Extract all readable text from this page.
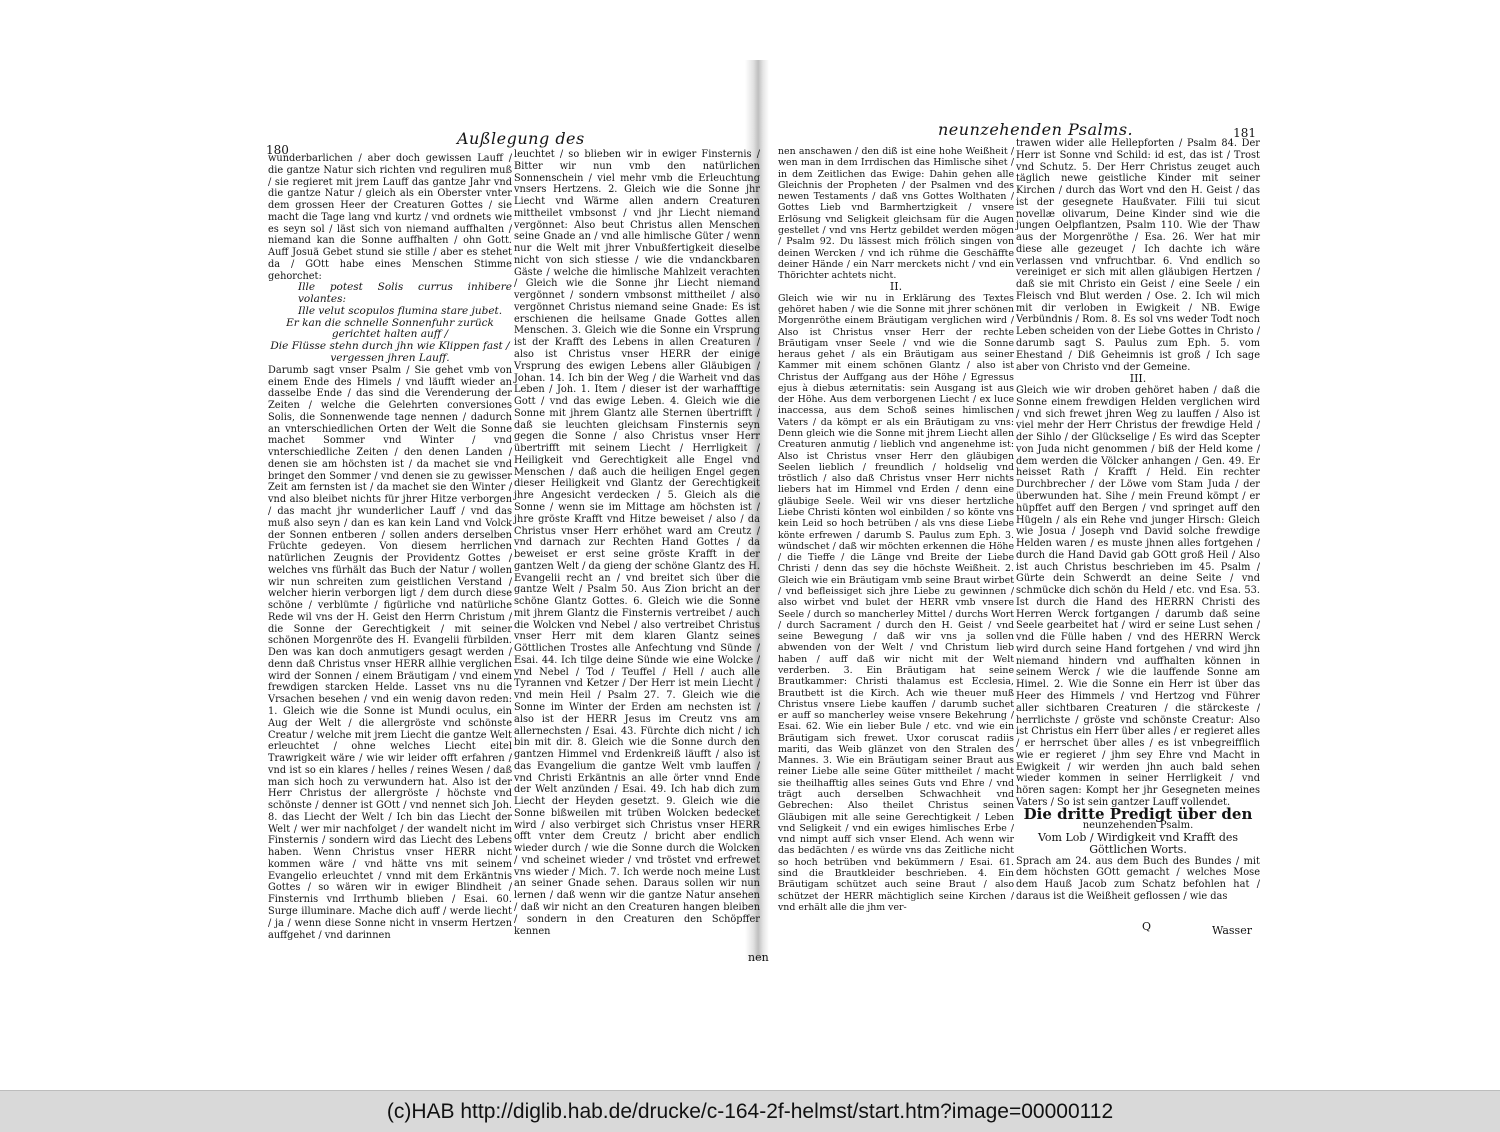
180
Außlegung des

wunderbarlichen / aber doch gewissen Lauff / die gantze Natur sich richten vnd reguliren muß / sie regieret mit jrem Lauff das gantze Jahr vnd die gantze Natur / gleich als ein Oberster vnter dem grossen Heer der Creaturen Gottes / sie macht die Tage lang vnd kurtz / vnd ordnets wie es seyn sol / läst sich von niemand auffhalten / niemand kan die Sonne auffhalten / ohn Gott. Auff Josuä Gebet stund sie stille / aber es stehet da / GOtt habe eines Menschen Stimme gehorchet:

Ille potest Solis currus inhibere volantes:

Ille velut scopulos flumina stare jubet.

Er kan die schnelle Sonnenfuhr zurück gerichtet halten auff /

Die Flüsse stehn durch jhn wie Klippen fast / vergessen jhren Lauff.

Darumb sagt vnser Psalm / Sie gehet vmb von einem Ende des Himels / vnd läufft wieder an dasselbe Ende / das sind die Verenderung der Zeiten / welche die Gelehrten conversiones Solis, die Sonnenwende tage nennen / dadurch an vnterschiedlichen Orten der Welt die Sonne machet Sommer vnd Winter / vnd vnterschiedliche Zeiten / den denen Landen / denen sie am höchsten ist / da machet sie vnd bringet den Sommer / vnd denen sie zu gewisser Zeit am fernsten ist / da machet sie den Winter / vnd also bleibet nichts für jhrer Hitze verborgen / das macht jhr wunderlicher Lauff / vnd das muß also seyn / dan es kan kein Land vnd Volck der Sonnen entberen / sollen anders derselben Früchte gedeyen. Von diesem herrlichen natürlichen Zeugnis der Providentz Gottes / welches vns fürhält das Buch der Natur / wollen wir nun schreiten zum geistlichen Verstand / welcher hierin verborgen ligt / dem durch diese schöne / verblümte / figürliche vnd natürliche Rede wil vns der H. Geist den Herrn Christum / die Sonne der Gerechtigkeit / mit seiner schönen Morgenröte des H. Evangelii fürbilden. Den was kan doch anmutigers gesagt werden / denn daß Christus vnser HERR allhie verglichen wird der Sonnen / einem Bräutigam / vnd einem frewdigen starcken Helde. Lasset vns nu die Vrsachen besehen / vnd ein wenig davon reden: 1. Gleich wie die Sonne ist Mundi oculus, ein Aug der Welt / die allergröste vnd schönste Creatur / welche mit jrem Liecht die gantze Welt erleuchtet / ohne welches Liecht eitel Trawrigkeit wäre / wie wir leider offt erfahren / vnd ist so ein klares / helles / reines Wesen / daß man sich hoch zu verwundern hat. Also ist der Herr Christus der allergröste / höchste vnd schönste / denner ist GOtt / vnd nennet sich Joh. 8. das Liecht der Welt / Ich bin das Liecht der Welt / wer mir nachfolget / der wandelt nicht im Finsternis / sondern wird das Liecht des Lebens haben. Wenn Christus vnser HERR nicht kommen wäre / vnd hätte vns mit seinem Evangelio erleuchtet / vnnd mit dem Erkäntnis Gottes / so wären wir in ewiger Blindheit / Finsternis vnd Irrthumb blieben / Esai. 60. Surge illuminare. Mache dich auff / werde liecht / ja / wenn diese Sonne nicht in vnserm Hertzen auffgehet / vnd darinnen

leuchtet / so blieben wir in ewiger Finsternis / Bitter wir nun vmb den natürlichen Sonnenschein / viel mehr vmb die Erleuchtung vnsers Hertzens. 2. Gleich wie die Sonne jhr Liecht vnd Wärme allen andern Creaturen mittheilet vmbsonst / vnd jhr Liecht niemand vergönnet: Also beut Christus allen Menschen seine Gnade an / vnd alle himlische Güter / wenn nur die Welt mit jhrer Vnbußfertigkeit dieselbe nicht von sich stiesse / wie die vndanckbaren Gäste / welche die himlische Mahlzeit verachten / Gleich wie die Sonne jhr Liecht niemand vergönnet / sondern vmbsonst mittheilet / also vergönnet Christus niemand seine Gnade: Es ist erschienen die heilsame Gnade Gottes allen Menschen. 3. Gleich wie die Sonne ein Vrsprung ist der Krafft des Lebens in allen Creaturen / also ist Christus vnser HERR der einige Vrsprung des ewigen Lebens aller Gläubigen / Johan. 14. Ich bin der Weg / die Warheit vnd das Leben / Joh. 1. Item / dieser ist der warhafftige Gott / vnd das ewige Leben. 4. Gleich wie die Sonne mit jhrem Glantz alle Sternen übertrifft / daß sie leuchten gleichsam Finsternis seyn gegen die Sonne / also Christus vnser Herr übertrifft mit seinem Liecht / Herrligkeit / Heiligkeit vnd Gerechtigkeit alle Engel vnd Menschen / daß auch die heiligen Engel gegen dieser Heiligkeit vnd Glantz der Gerechtigkeit jhre Angesicht verdecken / 5. Gleich als die Sonne / wenn sie im Mittage am höchsten ist / jhre gröste Krafft vnd Hitze beweiset / also / da Christus vnser Herr erhöhet ward am Creutz / vnd darnach zur Rechten Hand Gottes / da beweiset er erst seine gröste Krafft in der gantzen Welt / da gieng der schöne Glantz des H. Evangelii recht an / vnd breitet sich über die gantze Welt / Psalm 50. Aus Zion bricht an der schöne Glantz Gottes. 6. Gleich wie die Sonne mit jhrem Glantz die Finsternis vertreibet / auch die Wolcken vnd Nebel / also vertreibet Christus vnser Herr mit dem klaren Glantz seines Göttlichen Trostes alle Anfechtung vnd Sünde / Esai. 44. Ich tilge deine Sünde wie eine Wolcke / vnd Nebel / Tod / Teuffel / Hell / auch alle Tyrannen vnd Ketzer / Der Herr ist mein Liecht / vnd mein Heil / Psalm 27. 7. Gleich wie die Sonne im Winter der Erden am nechsten ist / also ist der HERR Jesus im Creutz vns am allernechsten / Esai. 43. Fürchte dich nicht / ich bin mit dir. 8. Gleich wie die Sonne durch den gantzen Himmel vnd Erdenkreiß läufft / also ist das Evangelium die gantze Welt vmb lauffen / vnd Christi Erkäntnis an alle örter vnnd Ende der Welt anzünden / Esai. 49. Ich hab dich zum Liecht der Heyden gesetzt. 9. Gleich wie die Sonne bißweilen mit trüben Wolcken bedecket wird / also verbirget sich Christus vnser HERR offt vnter dem Creutz / bricht aber endlich wieder durch / wie die Sonne durch die Wolcken / vnd scheinet wieder / vnd tröstet vnd erfrewet vns wieder / Mich. 7. Ich werde noch meine Lust an seiner Gnade sehen. Daraus sollen wir nun lernen / daß wenn wir die gantze Natur ansehen / daß wir nicht an den Creaturen hangen bleiben / sondern in den Creaturen den Schöpffer kennen

nen
neunzehenden Psalms.	181

nen anschawen / den diß ist eine hohe Weißheit / wen man in dem Irrdischen das Himlische sihet / in dem Zeitlichen das Ewige: Dahin gehen alle Gleichnis der Propheten / der Psalmen vnd des newen Testaments / daß vns Gottes Wolthaten / Gottes Lieb vnd Barmhertzigkeit / vnsere Erlösung vnd Seligkeit gleichsam für die Augen gestellet / vnd vns Hertz gebildet werden mögen / Psalm 92. Du lässest mich frölich singen von deinen Wercken / vnd ich rühme die Geschäffte deiner Hände / ein Narr merckets nicht / vnd ein Thörichter achtets nicht.

II.

Gleich wie wir nu in Erklärung des Textes gehöret haben / wie die Sonne mit jhrer schönen Morgenröthe einem Bräutigam verglichen wird / Also ist Christus vnser Herr der rechte Bräutigam vnser Seele / vnd wie die Sonne heraus gehet / als ein Bräutigam aus seiner Kammer mit einem schönen Glantz / also ist Christus der Auffgang aus der Höhe / Egressus ejus à diebus æternitatis: sein Ausgang ist aus der Höhe. Aus dem verborgenen Liecht / ex luce inaccessa, aus dem Schoß seines himlischen Vaters / da kömpt er als ein Bräutigam zu vns: Denn gleich wie die Sonne mit jhrem Liecht allen Creaturen anmutig / lieblich vnd angenehme ist: Also ist Christus vnser Herr den gläubigen Seelen lieblich / freundlich / holdselig vnd tröstlich / also daß Christus vnser Herr nichts liebers hat im Himmel vnd Erden / denn eine gläubige Seele. Weil wir vns dieser hertzliche Liebe Christi könten wol einbilden / so könte vns kein Leid so hoch betrüben / als vns diese Liebe könte erfrewen / darumb S. Paulus zum Eph. 3. wündschet / daß wir möchten erkennen die Höhe / die Tieffe / die Länge vnd Breite der Liebe Christi / denn das sey die höchste Weißheit. 2. Gleich wie ein Bräutigam vmb seine Braut wirbet / vnd befleissiget sich jhre Liebe zu gewinnen / also wirbet vnd bulet der HERR vmb vnsere Seele / durch so mancherley Mittel / durchs Wort / durch Sacrament / durch den H. Geist / vnd seine Bewegung / daß wir vns ja sollen abwenden von der Welt / vnd Christum lieb haben / auff daß wir nicht mit der Welt verderben. 3. Ein Bräutigam hat seine Brautkammer: Christi thalamus est Ecclesia, Brautbett ist die Kirch. Ach wie theuer muß Christus vnsere Liebe kauffen / darumb suchet er auff so mancherley weise vnsere Bekehrung / Esai. 62. Wie ein lieber Bule / etc. vnd wie ein Bräutigam sich frewet. Uxor coruscat radiis mariti, das Weib glänzet von den Stralen des Mannes. 3. Wie ein Bräutigam seiner Braut aus reiner Liebe alle seine Güter mittheilet / macht sie theilhafftig alles seines Guts vnd Ehre / vnd trägt auch derselben Schwachheit vnd Gebrechen: Also theilet Christus seinen Gläubigen mit alle seine Gerechtigkeit / Leben vnd Seligkeit / vnd ein ewiges himlisches Erbe / vnd nimpt auff sich vnser Elend. Ach wenn wir das bedächten / es würde vns das Zeitliche nicht so hoch betrüben vnd bekümmern / Esai. 61. sind die Brautkleider beschrieben. 4. Ein Bräutigam schützet auch seine Braut / also schützet der HERR mächtiglich seine Kirchen / vnd erhält alle die jhm ver-

trawen wider alle Hellepforten / Psalm 84. Der Herr ist Sonne vnd Schild: id est, das ist / Trost vnd Schutz. 5. Der Herr Christus zeuget auch täglich newe geistliche Kinder mit seiner Kirchen / durch das Wort vnd den H. Geist / das ist der gesegnete Haußvater. Filii tui sicut novellæ olivarum, Deine Kinder sind wie die jungen Oelpflantzen, Psalm 110. Wie der Thaw aus der Morgenröthe / Esa. 26. Wer hat mir diese alle gezeuget / Ich dachte ich wäre verlassen vnd vnfruchtbar. 6. Vnd endlich so vereiniget er sich mit allen gläubigen Hertzen / daß sie mit Christo ein Geist / eine Seele / ein Fleisch vnd Blut werden / Ose. 2. Ich wil mich mit dir verloben in Ewigkeit / NB. Ewige Verbündnis / Rom. 8. Es sol vns weder Todt noch Leben scheiden von der Liebe Gottes in Christo / darumb sagt S. Paulus zum Eph. 5. vom Ehestand / Diß Geheimnis ist groß / Ich sage aber von Christo vnd der Gemeine.

III.

Gleich wie wir droben gehöret haben / daß die Sonne einem frewdigen Helden verglichen wird / vnd sich frewet jhren Weg zu lauffen / Also ist viel mehr der Herr Christus der frewdige Held / der Sihlo / der Glückselige / Es wird das Scepter von Juda nicht genommen / biß der Held kome / dem werden die Völcker anhangen / Gen. 49. Er heisset Rath / Krafft / Held. Ein rechter Durchbrecher / der Löwe vom Stam Juda / der überwunden hat. Sihe / mein Freund kömpt / er hüpffet auff den Bergen / vnd springet auff den Hügeln / als ein Rehe vnd junger Hirsch: Gleich wie Josua / Joseph vnd David solche frewdige Helden waren / es muste jhnen alles fortgehen / durch die Hand David gab GOtt groß Heil / Also ist auch Christus beschrieben im 45. Psalm / Gürte dein Schwerdt an deine Seite / vnd schmücke dich schön du Held / etc. vnd Esa. 53. Ist durch die Hand des HERRN Christi des Herren Werck fortgangen / darumb daß seine Seele gearbeitet hat / wird er seine Lust sehen / vnd die Fülle haben / vnd des HERRN Werck wird durch seine Hand fortgehen / vnd wird jhn niemand hindern vnd auffhalten können in seinem Werck / wie die lauffende Sonne am Himel. 2. Wie die Sonne ein Herr ist über das Heer des Himmels / vnd Hertzog vnd Führer aller sichtbaren Creaturen / die stärckeste / herrlichste / gröste vnd schönste Creatur: Also ist Christus ein Herr über alles / er regieret alles / er herrschet über alles / es ist vnbegreifflich wie er regieret / jhm sey Ehre vnd Macht in Ewigkeit / wir werden jhn auch bald sehen wieder kommen in seiner Herrligkeit / vnd hören sagen: Kompt her jhr Gesegneten meines Vaters / So ist sein gantzer Lauff vollendet.

Die dritte Predigt über den

neunzehenden Psalm.

Vom Lob / Wirdigkeit vnd Krafft des Göttlichen Worts.

Sprach am 24. aus dem Buch des Bundes / mit dem höchsten GOtt gemacht / welches Mose dem Hauß Jacob zum Schatz befohlen hat / daraus ist die Weißheit geflossen / wie das

Q	Wasser
(c)HAB http://diglib.hab.de/drucke/c-164-2f-helmst/start.htm?image=00000112
